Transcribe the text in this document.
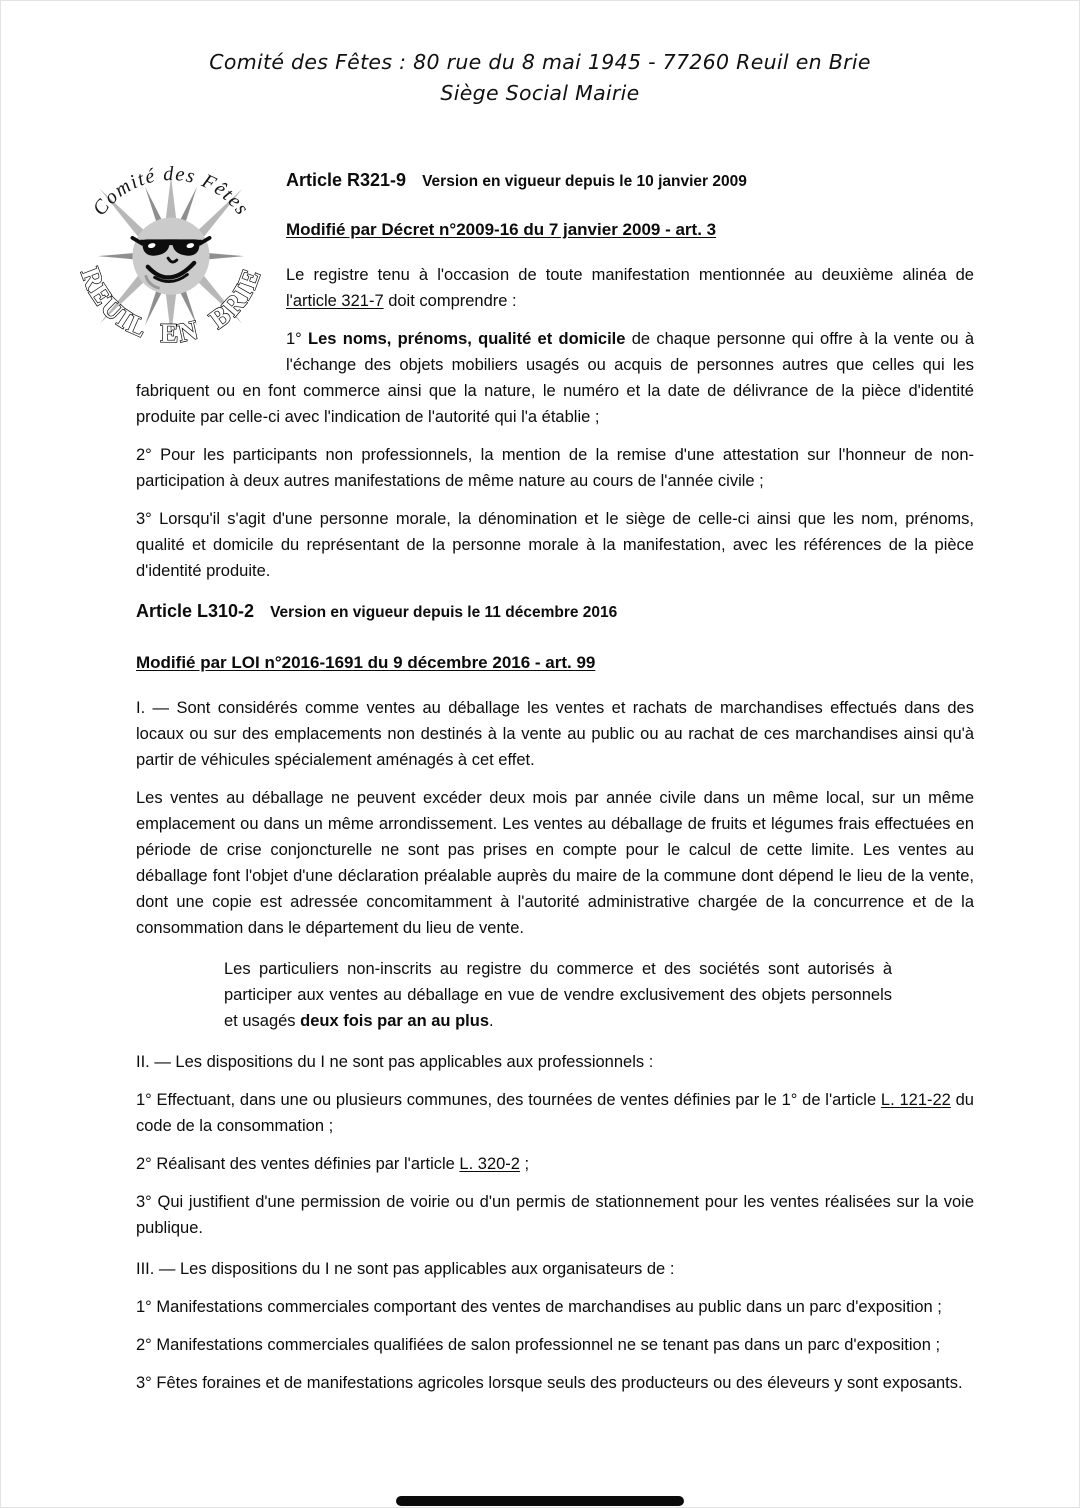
Comité des Fêtes : 80 rue du 8 mai 1945 - 77260 Reuil en Brie
Siège Social Mairie
Comité des Fêtes
REUIL EN BRIE
Article R321-9 Version en vigueur depuis le 10 janvier 2009
Modifié par Décret n°2009-16 du 7 janvier 2009 - art. 3

Le registre tenu à l'occasion de toute manifestation mentionnée au deuxième alinéa de l'article 321-7 doit comprendre :

1° Les noms, prénoms, qualité et domicile de chaque personne qui offre à la vente ou à l'échange des objets mobiliers usagés ou acquis de personnes autres que celles qui les fabriquent ou en font commerce ainsi que la nature, le numéro et la date de délivrance de la pièce d'identité produite par celle-ci avec l'indication de l'autorité qui l'a établie ;

2° Pour les participants non professionnels, la mention de la remise d'une attestation sur l'honneur de non-participation à deux autres manifestations de même nature au cours de l'année civile ;

3° Lorsqu'il s'agit d'une personne morale, la dénomination et le siège de celle-ci ainsi que les nom, prénoms, qualité et domicile du représentant de la personne morale à la manifestation, avec les références de la pièce d'identité produite.

Article L310-2 Version en vigueur depuis le 11 décembre 2016
Modifié par LOI n°2016-1691 du 9 décembre 2016 - art. 99

I. — Sont considérés comme ventes au déballage les ventes et rachats de marchandises effectués dans des locaux ou sur des emplacements non destinés à la vente au public ou au rachat de ces marchandises ainsi qu'à partir de véhicules spécialement aménagés à cet effet.

Les ventes au déballage ne peuvent excéder deux mois par année civile dans un même local, sur un même emplacement ou dans un même arrondissement. Les ventes au déballage de fruits et légumes frais effectuées en période de crise conjoncturelle ne sont pas prises en compte pour le calcul de cette limite. Les ventes au déballage font l'objet d'une déclaration préalable auprès du maire de la commune dont dépend le lieu de la vente, dont une copie est adressée concomitamment à l'autorité administrative chargée de la concurrence et de la consommation dans le département du lieu de vente.

Les particuliers non-inscrits au registre du commerce et des sociétés sont autorisés à participer aux ventes au déballage en vue de vendre exclusivement des objets personnels et usagés deux fois par an au plus.

II. — Les dispositions du I ne sont pas applicables aux professionnels :

1° Effectuant, dans une ou plusieurs communes, des tournées de ventes définies par le 1° de l'article L. 121-22 du code de la consommation ;

2° Réalisant des ventes définies par l'article L. 320-2 ;

3° Qui justifient d'une permission de voirie ou d'un permis de stationnement pour les ventes réalisées sur la voie publique.

III. — Les dispositions du I ne sont pas applicables aux organisateurs de :

1° Manifestations commerciales comportant des ventes de marchandises au public dans un parc d'exposition ;

2° Manifestations commerciales qualifiées de salon professionnel ne se tenant pas dans un parc d'exposition ;

3° Fêtes foraines et de manifestations agricoles lorsque seuls des producteurs ou des éleveurs y sont exposants.
